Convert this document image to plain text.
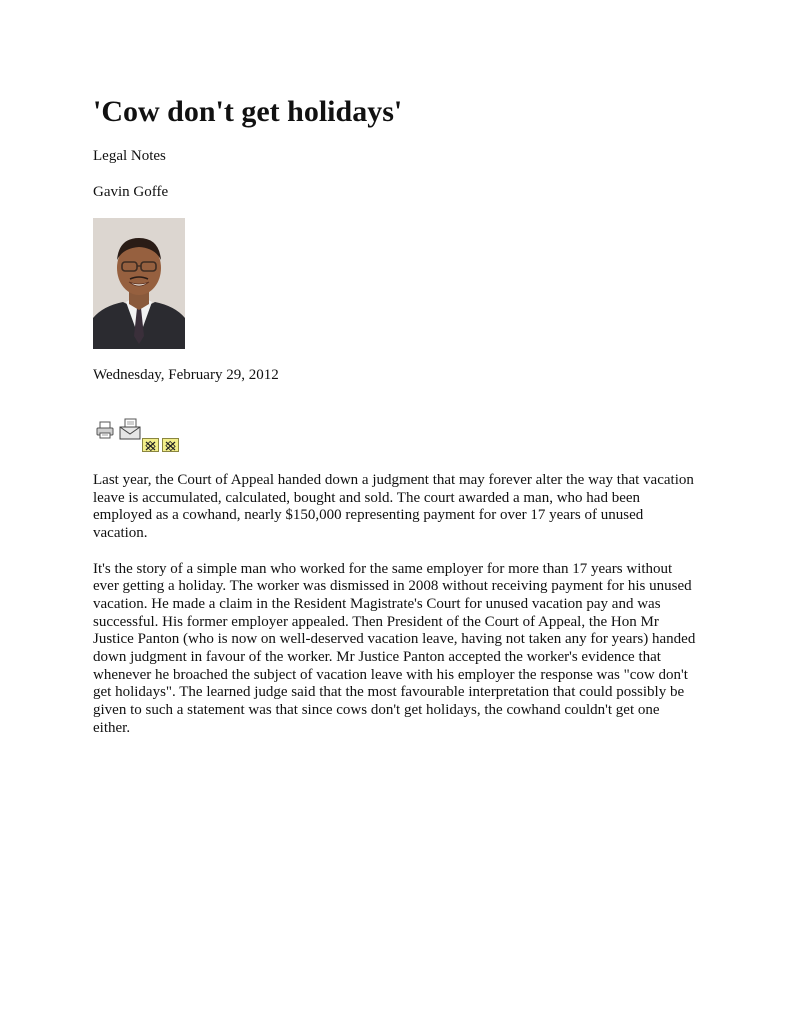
'Cow don't get holidays'
Legal Notes
Gavin Goffe
Wednesday, February 29, 2012

Last year, the Court of Appeal handed down a judgment that may forever alter the way that vacation leave is accumulated, calculated, bought and sold. The court awarded a man, who had been employed as a cowhand, nearly $150,000 representing payment for over 17 years of unused vacation.

It's the story of a simple man who worked for the same employer for more than 17 years without ever getting a holiday. The worker was dismissed in 2008 without receiving payment for his unused vacation. He made a claim in the Resident Magistrate's Court for unused vacation pay and was successful. His former employer appealed. Then President of the Court of Appeal, the Hon Mr Justice Panton (who is now on well-deserved vacation leave, having not taken any for years) handed down judgment in favour of the worker. Mr Justice Panton accepted the worker's evidence that whenever he broached the subject of vacation leave with his employer the response was "cow don't get holidays". The learned judge said that the most favourable interpretation that could possibly be given to such a statement was that since cows don't get holidays, the cowhand couldn't get one either.
